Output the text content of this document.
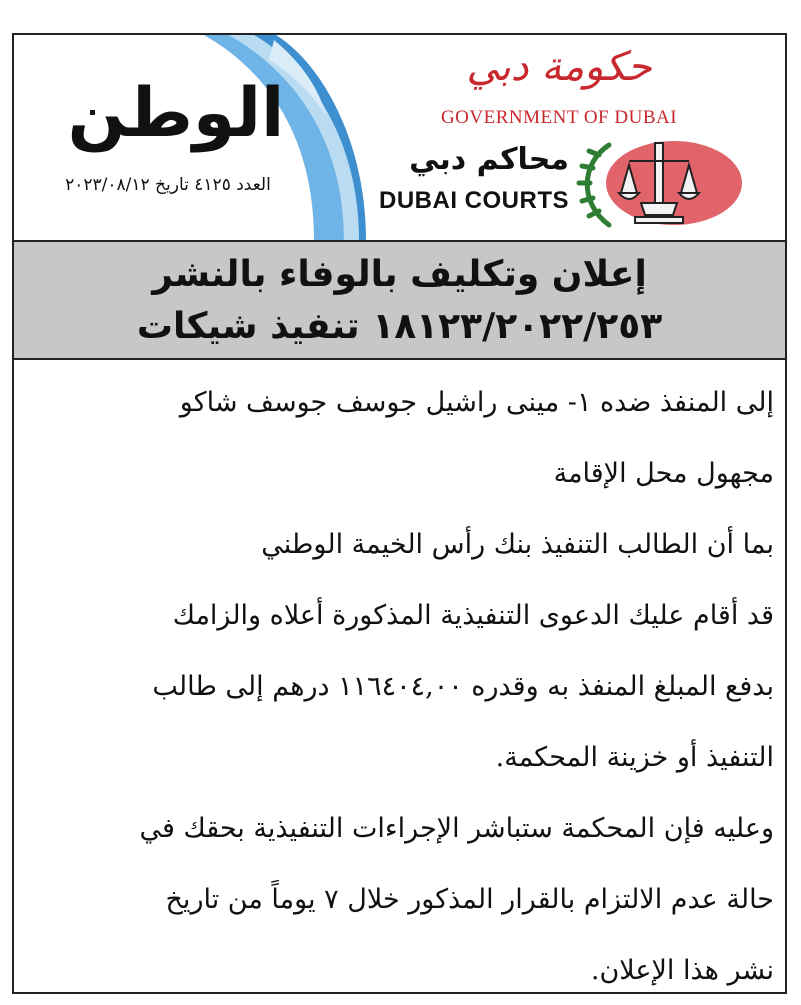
الوطن
العدد ٤١٢٥ تاريخ ٢٠٢٣/٠٨/١٢
حكومة دبي
GOVERNMENT OF DUBAI
محاكم دبي
DUBAI COURTS
إعلان وتكليف بالوفاء بالنشر
١٨١٢٣/٢٠٢٢/٢٥٣ تنفيذ شيكات

إلى المنفذ ضده ١- مينى راشيل جوسف جوسف شاكو

مجهول محل الإقامة

بما أن الطالب التنفيذ بنك رأس الخيمة الوطني

قد أقام عليك الدعوى التنفيذية المذكورة أعلاه والزامك

بدفع المبلغ المنفذ به وقدره ١١٦٤٠٤,٠٠ درهم إلى طالب

التنفيذ أو خزينة المحكمة.

وعليه فإن المحكمة ستباشر الإجراءات التنفيذية بحقك في

حالة عدم الالتزام بالقرار المذكور خلال ٧ يوماً من تاريخ

نشر هذا الإعلان.
